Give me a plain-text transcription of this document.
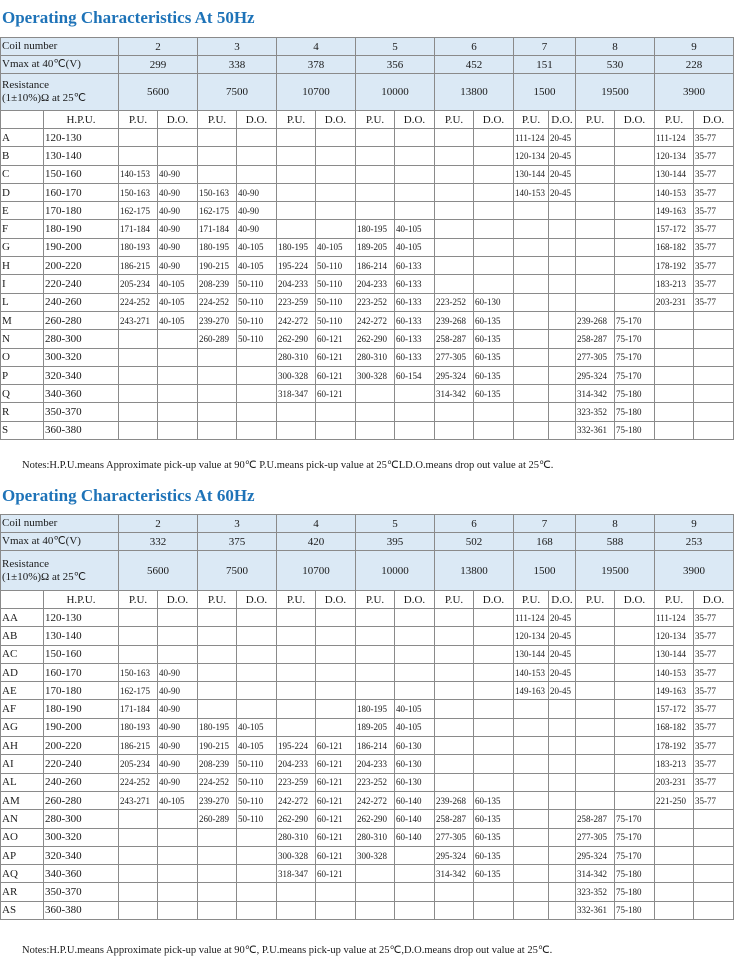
Operating Characteristics At 50Hz
Coil number		2		3		4		5		6		7		8		9	
Vmax at 40℃(V)		299		338		378		356		452		151		530		228	

Resistance
(1±10%)Ω at 25℃		5600		7500		10700		10000		13800		1500		19500		3900	
	H.P.U.	P.U.	D.O.	P.U.	D.O.	P.U.	D.O.	P.U.	D.O.	P.U.	D.O.	P.U.	D.O.	P.U.	D.O.	P.U.	D.O.
A	120-130											111-124	20-45			111-124	35-77
B	130-140											120-134	20-45			120-134	35-77
C	150-160	140-153	40-90									130-144	20-45			130-144	35-77
D	160-170	150-163	40-90	150-163	40-90							140-153	20-45			140-153	35-77
E	170-180	162-175	40-90	162-175	40-90											149-163	35-77
F	180-190	171-184	40-90	171-184	40-90			180-195	40-105							157-172	35-77
G	190-200	180-193	40-90	180-195	40-105	180-195	40-105	189-205	40-105							168-182	35-77
H	200-220	186-215	40-90	190-215	40-105	195-224	50-110	186-214	60-133							178-192	35-77
I	220-240	205-234	40-105	208-239	50-110	204-233	50-110	204-233	60-133							183-213	35-77
L	240-260	224-252	40-105	224-252	50-110	223-259	50-110	223-252	60-133	223-252	60-130					203-231	35-77
M	260-280	243-271	40-105	239-270	50-110	242-272	50-110	242-272	60-133	239-268	60-135			239-268	75-170		
N	280-300			260-289	50-110	262-290	60-121	262-290	60-133	258-287	60-135			258-287	75-170		
O	300-320					280-310	60-121	280-310	60-133	277-305	60-135			277-305	75-170		
P	320-340					300-328	60-121	300-328	60-154	295-324	60-135			295-324	75-170		
Q	340-360					318-347	60-121			314-342	60-135			314-342	75-180		
R	350-370													323-352	75-180		
S	360-380													332-361	75-180		
Notes:H.P.U.means Approximate pick-up value at 90℃ P.U.means pick-up value at 25℃LD.O.means drop out value at 25℃.
Operating Characteristics At 60Hz
Coil number		2		3		4		5		6		7		8		9	
Vmax at 40℃(V)		332		375		420		395		502		168		588		253	

Resistance
(1±10%)Ω at 25℃		5600		7500		10700		10000		13800		1500		19500		3900	
	H.P.U.	P.U.	D.O.	P.U.	D.O.	P.U.	D.O.	P.U.	D.O.	P.U.	D.O.	P.U.	D.O.	P.U.	D.O.	P.U.	D.O.
AA	120-130											111-124	20-45			111-124	35-77
AB	130-140											120-134	20-45			120-134	35-77
AC	150-160											130-144	20-45			130-144	35-77
AD	160-170	150-163	40-90									140-153	20-45			140-153	35-77
AE	170-180	162-175	40-90									149-163	20-45			149-163	35-77
AF	180-190	171-184	40-90					180-195	40-105							157-172	35-77
AG	190-200	180-193	40-90	180-195	40-105			189-205	40-105							168-182	35-77
AH	200-220	186-215	40-90	190-215	40-105	195-224	60-121	186-214	60-130							178-192	35-77
AI	220-240	205-234	40-90	208-239	50-110	204-233	60-121	204-233	60-130							183-213	35-77
AL	240-260	224-252	40-90	224-252	50-110	223-259	60-121	223-252	60-130							203-231	35-77
AM	260-280	243-271	40-105	239-270	50-110	242-272	60-121	242-272	60-140	239-268	60-135					221-250	35-77
AN	280-300			260-289	50-110	262-290	60-121	262-290	60-140	258-287	60-135			258-287	75-170		
AO	300-320					280-310	60-121	280-310	60-140	277-305	60-135			277-305	75-170		
AP	320-340					300-328	60-121	300-328		295-324	60-135			295-324	75-170		
AQ	340-360					318-347	60-121			314-342	60-135			314-342	75-180		
AR	350-370													323-352	75-180		
AS	360-380													332-361	75-180		
Notes:H.P.U.means Approximate pick-up value at 90℃, P.U.means pick-up value at 25℃,D.O.means drop out value at 25℃.
